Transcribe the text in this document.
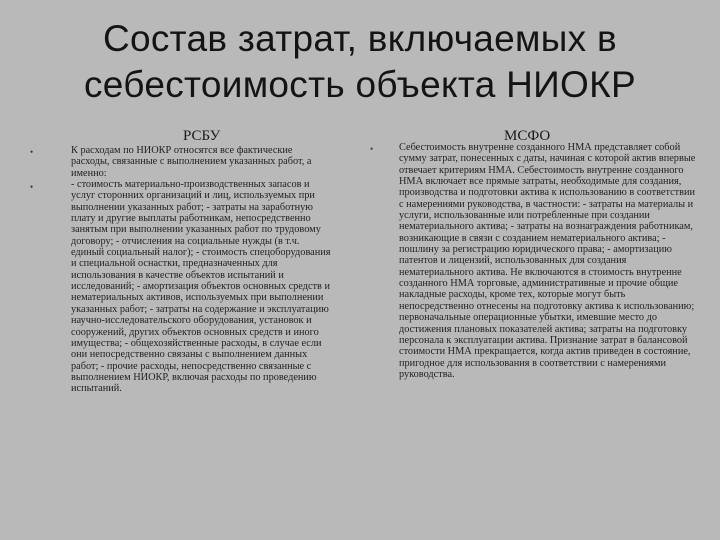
Состав затрат, включаемых в себестоимость объекта НИОКР
РСБУ	МСФО
•
•

К расходам по НИОКР относятся все фактические расходы, связанные с выполнением указанных работ, а именно:

- стоимость материально-производственных запасов и услуг сторонних организаций и лиц, используемых при выполнении указанных работ; - затраты на заработную плату и другие выплаты работникам, непосредственно занятым при выполнении указанных работ по трудовому договору; - отчисления на социальные нужды (в т.ч. единый социальный налог); - стоимость спецоборудования и специальной оснастки, предназначенных для использования в качестве объектов испытаний и исследований; - амортизация объектов основных средств и нематериальных активов, используемых при выполнении указанных работ; - затраты на содержание и эксплуатацию научно-исследовательского оборудования, установок и сооружений, других объектов основных средств и иного имущества; - общехозяйственные расходы, в случае если они непосредственно связаны с выполнением данных работ; - прочие расходы, непосредственно связанные с выполнением НИОКР, включая расходы по проведению испытаний.

•	Себестоимость внутренне созданного НМА представляет собой сумму затрат, понесенных с даты, начиная с которой актив впервые отвечает критериям НМА. Себестоимость внутренне созданного НМА включает все прямые затраты, необходимые для создания, производства и подготовки актива к использованию в соответствии с намерениями руководства, в частности: - затраты на материалы и услуги, использованные или потребленные при создании нематериального актива; - затраты на вознаграждения работникам, возникающие в связи с созданием нематериального актива; - пошлину за регистрацию юридического права; - амортизацию патентов и лицензий, использованных для создания нематериального актива. Не включаются в стоимость внутренне созданного НМА торговые, административные и прочие общие накладные расходы, кроме тех, которые могут быть непосредственно отнесены на подготовку актива к использованию; первоначальные операционные убытки, имевшие место до достижения плановых показателей актива; затраты на подготовку персонала к эксплуатации актива. Признание затрат в балансовой стоимости НМА прекращается, когда актив приведен в состояние, пригодное для использования в соответствии с намерениями руководства.
